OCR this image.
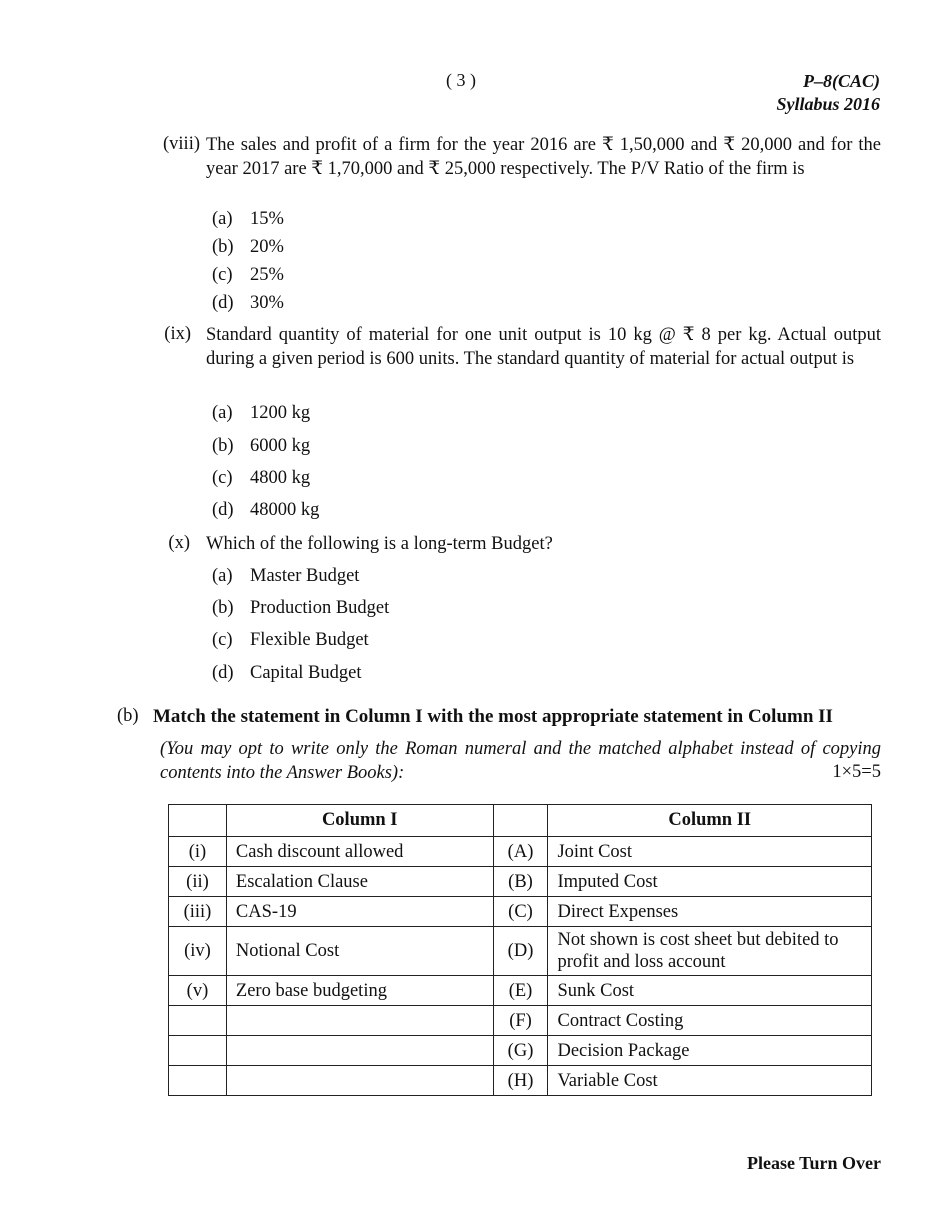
( 3 )	P–8(CAC)
Syllabus 2016
(viii) The sales and profit of a firm for the year 2016 are ₹ 1,50,000 and ₹ 20,000 and for the year 2017 are ₹ 1,70,000 and ₹ 25,000 respectively. The P/V Ratio of the firm is
(a) 15%
(b) 20%
(c) 25%
(d) 30%
(ix) Standard quantity of material for one unit output is 10 kg @ ₹ 8 per kg. Actual output during a given period is 600 units. The standard quantity of material for actual output is
(a) 1200 kg
(b) 6000 kg
(c) 4800 kg
(d) 48000 kg
(x) Which of the following is a long-term Budget?
(a) Master Budget
(b) Production Budget
(c) Flexible Budget
(d) Capital Budget
(b) Match the statement in Column I with the most appropriate statement in Column II
(You may opt to write only the Roman numeral and the matched alphabet instead of copying contents into the Answer Books):	1×5=5
	Column I		Column II
(i)	Cash discount allowed	(A)	Joint Cost
(ii)	Escalation Clause	(B)	Imputed Cost
(iii)	CAS-19	(C)	Direct Expenses
(iv)	Notional Cost	(D)	Not shown is cost sheet but debited to profit and loss account
(v)	Zero base budgeting	(E)	Sunk Cost
		(F)	Contract Costing
		(G)	Decision Package
		(H)	Variable Cost
Please Turn Over
